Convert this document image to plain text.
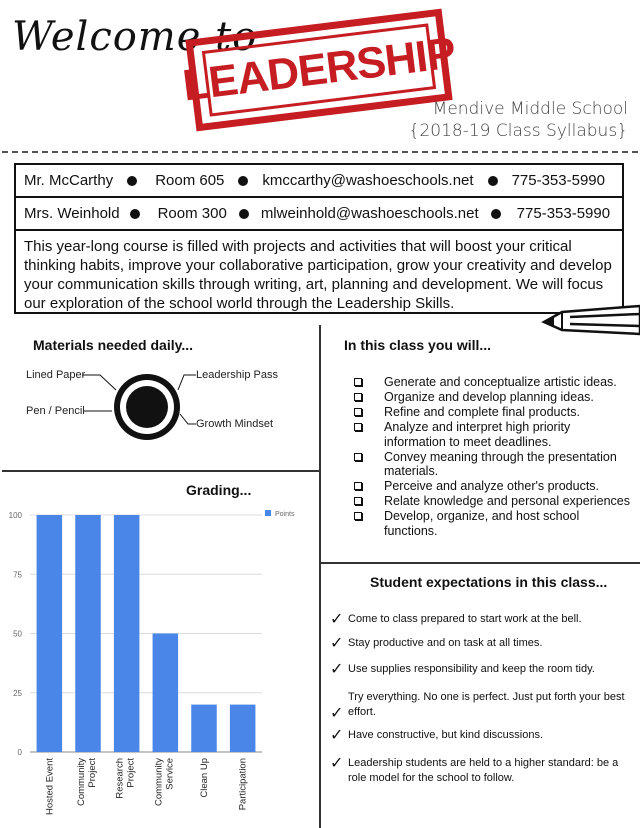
Welcome to
LEADERSHIP
Mendive Middle School
{2018-19 Class Syllabus}
Mr. McCarthy	Room 605	kmccarthy@washoeschools.net	775-353-5990
Mrs. Weinhold	Room 300 mlweinhold@washoeschools.net	775-353-5990
This year-long course is filled with projects and activities that will boost your critical thinking habits, improve your collaborative participation, grow your creativity and develop your communication skills through writing, art, planning and development. We will focus our exploration of the school world through the Leadership Skills.
Materials needed daily...
Lined Paper
Pen / Pencil
Leadership Pass
Growth Mindset
In this class you will...
Generate and conceptualize artistic ideas.
Organize and develop planning ideas.
Refine and complete final products.
Analyze and interpret high priority information to meet deadlines.
Convey meaning through the presentation materials.
Perceive and analyze other's products.
Relate knowledge and personal experiences
Develop, organize, and host school functions.
Student expectations in this class...
✓ Come to class prepared to start work at the bell.
✓ Stay productive and on task at all times.
✓ Use supplies responsibility and keep the room tidy.
✓
Try everything. No one is perfect. Just put forth your best effort.
✓ Have constructive, but kind discussions.
✓ Leadership students are held to a higher standard: be a role model for the school to follow.
Grading...
0
25
50
75
100
Hosted Event CommunityProject ResearchProject CommunityService Clean Up	Participation
Points
